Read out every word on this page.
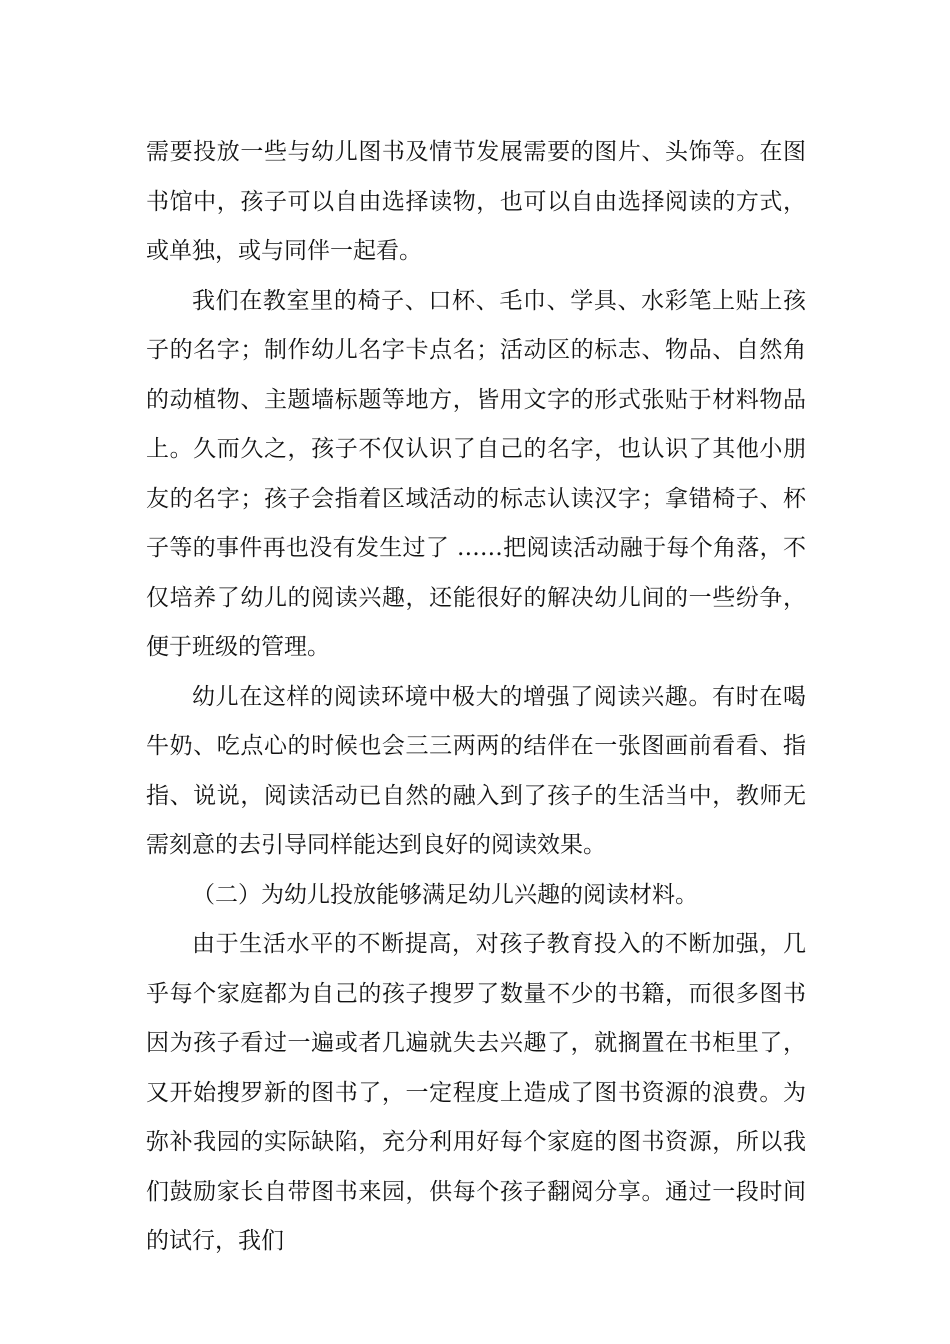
需要投放一些与幼儿图书及情节发展需要的图片、头饰等。在图书馆中，孩子可以自由选择读物，也可以自由选择阅读的方式，或单独，或与同伴一起看。

我们在教室里的椅子、口杯、毛巾、学具、水彩笔上贴上孩子的名字；制作幼儿名字卡点名；活动区的标志、物品、自然角的动植物、主题墙标题等地方，皆用文字的形式张贴于材料物品上。久而久之，孩子不仅认识了自己的名字，也认识了其他小朋友的名字；孩子会指着区域活动的标志认读汉字；拿错椅子、杯子等的事件再也没有发生过了 ……把阅读活动融于每个角落，不仅培养了幼儿的阅读兴趣，还能很好的解决幼儿间的一些纷争，便于班级的管理。

幼儿在这样的阅读环境中极大的增强了阅读兴趣。有时在喝牛奶、吃点心的时候也会三三两两的结伴在一张图画前看看、指指、说说，阅读活动已自然的融入到了孩子的生活当中，教师无需刻意的去引导同样能达到良好的阅读效果。

（二）为幼儿投放能够满足幼儿兴趣的阅读材料。

由于生活水平的不断提高，对孩子教育投入的不断加强，几乎每个家庭都为自己的孩子搜罗了数量不少的书籍，而很多图书因为孩子看过一遍或者几遍就失去兴趣了，就搁置在书柜里了，又开始搜罗新的图书了，一定程度上造成了图书资源的浪费。为弥补我园的实际缺陷，充分利用好每个家庭的图书资源，所以我们鼓励家长自带图书来园，供每个孩子翻阅分享。通过一段时间的试行，我们
